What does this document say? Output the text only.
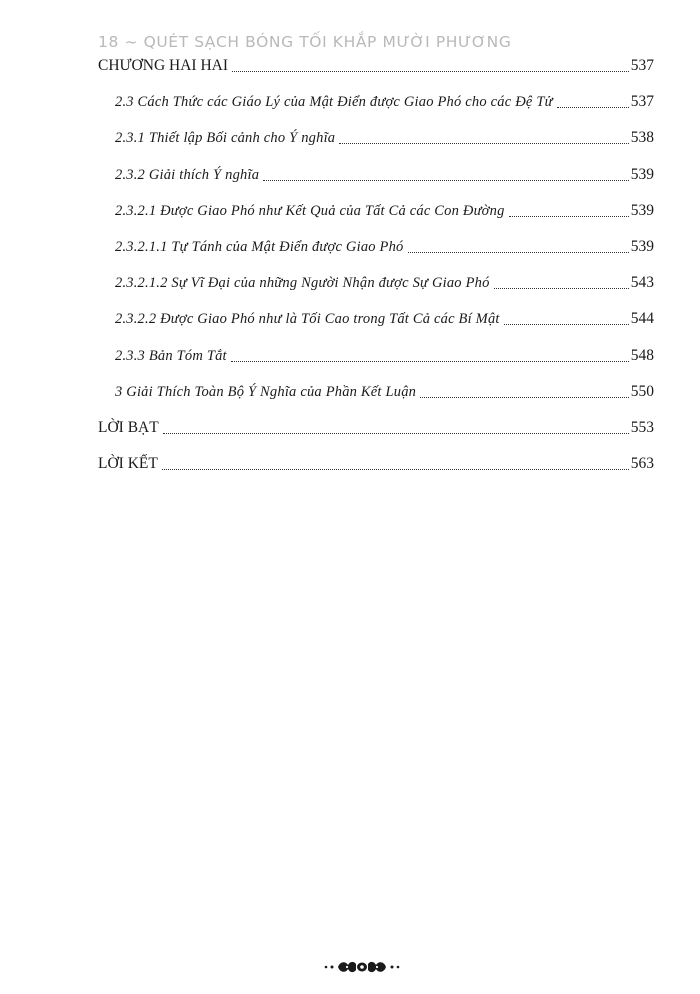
18 ~ QUÉT SẠCH BÓNG TỐI KHẮP MƯỜI PHƯƠNG
CHƯƠNG HAI HAI	537
2.3 Cách Thức các Giáo Lý của Mật Điển được Giao Phó cho các Đệ Tử	537
2.3.1 Thiết lập Bối cảnh cho Ý nghĩa	538
2.3.2 Giải thích Ý nghĩa	539
2.3.2.1 Được Giao Phó như Kết Quả của Tất Cả các Con Đường	539
2.3.2.1.1 Tự Tánh của Mật Điển được Giao Phó	539
2.3.2.1.2 Sự Vĩ Đại của những Người Nhận được Sự Giao Phó	543
2.3.2.2 Được Giao Phó như là Tối Cao trong Tất Cả các Bí Mật	544
2.3.3 Bản Tóm Tắt	548
3 Giải Thích Toàn Bộ Ý Nghĩa của Phần Kết Luận	550
LỜI BẠT	553
LỜI KẾT	563
